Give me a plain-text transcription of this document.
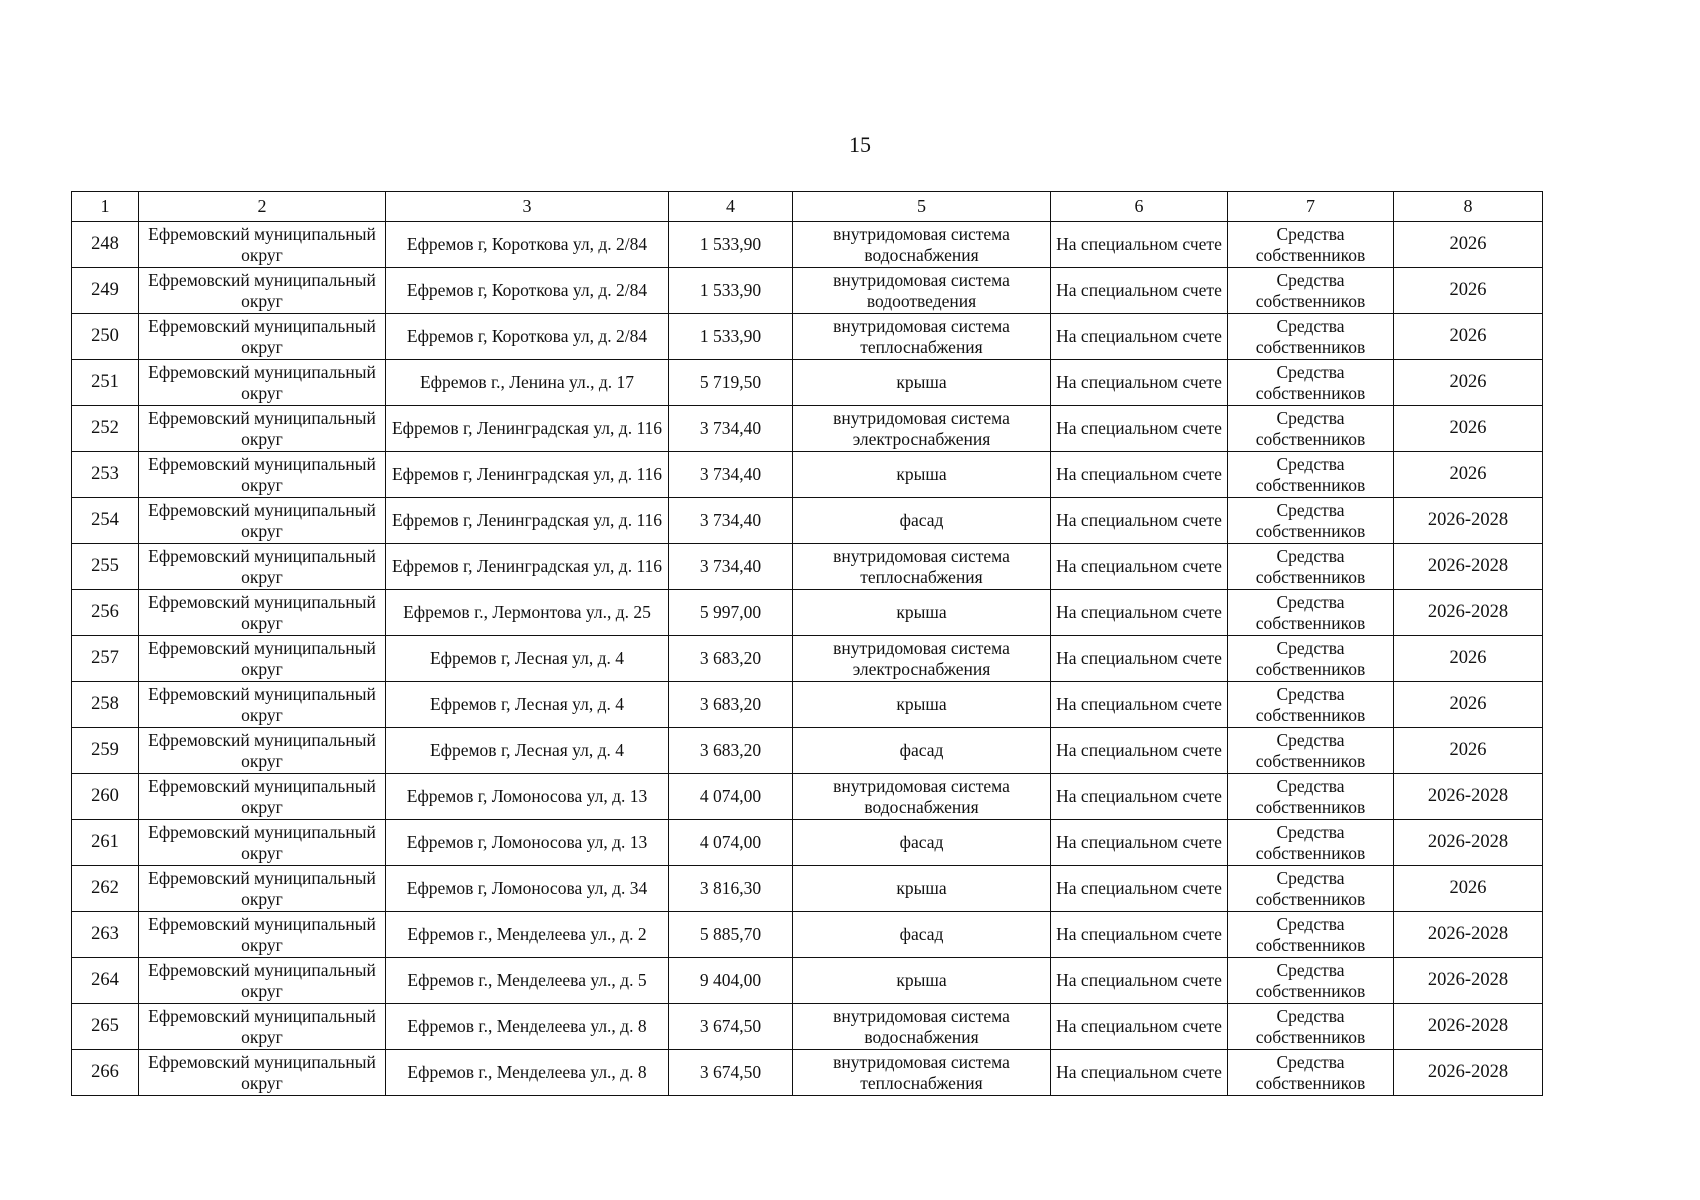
15
1	2	3	4	5	6	7	8
248	Ефремовский муниципальный округ	Ефремов г, Короткова ул, д. 2/84	1 533,90	внутридомовая система водоснабжения	На специальном счете	Средства собственников	2026
249	Ефремовский муниципальный округ	Ефремов г, Короткова ул, д. 2/84	1 533,90	внутридомовая система водоотведения	На специальном счете	Средства собственников	2026
250	Ефремовский муниципальный округ	Ефремов г, Короткова ул, д. 2/84	1 533,90	внутридомовая система теплоснабжения	На специальном счете	Средства собственников	2026
251	Ефремовский муниципальный округ	Ефремов г., Ленина ул., д. 17	5 719,50	крыша	На специальном счете	Средства собственников	2026
252	Ефремовский муниципальный округ	Ефремов г, Ленинградская ул, д. 116	3 734,40	внутридомовая система электроснабжения	На специальном счете	Средства собственников	2026
253	Ефремовский муниципальный округ	Ефремов г, Ленинградская ул, д. 116	3 734,40	крыша	На специальном счете	Средства собственников	2026
254	Ефремовский муниципальный округ	Ефремов г, Ленинградская ул, д. 116	3 734,40	фасад	На специальном счете	Средства собственников	2026-2028
255	Ефремовский муниципальный округ	Ефремов г, Ленинградская ул, д. 116	3 734,40	внутридомовая система теплоснабжения	На специальном счете	Средства собственников	2026-2028
256	Ефремовский муниципальный округ	Ефремов г., Лермонтова ул., д. 25	5 997,00	крыша	На специальном счете	Средства собственников	2026-2028
257	Ефремовский муниципальный округ	Ефремов г, Лесная ул, д. 4	3 683,20	внутридомовая система электроснабжения	На специальном счете	Средства собственников	2026
258	Ефремовский муниципальный округ	Ефремов г, Лесная ул, д. 4	3 683,20	крыша	На специальном счете	Средства собственников	2026
259	Ефремовский муниципальный округ	Ефремов г, Лесная ул, д. 4	3 683,20	фасад	На специальном счете	Средства собственников	2026
260	Ефремовский муниципальный округ	Ефремов г, Ломоносова ул, д. 13	4 074,00	внутридомовая система водоснабжения	На специальном счете	Средства собственников	2026-2028
261	Ефремовский муниципальный округ	Ефремов г, Ломоносова ул, д. 13	4 074,00	фасад	На специальном счете	Средства собственников	2026-2028
262	Ефремовский муниципальный округ	Ефремов г, Ломоносова ул, д. 34	3 816,30	крыша	На специальном счете	Средства собственников	2026
263	Ефремовский муниципальный округ	Ефремов г., Менделеева ул., д. 2	5 885,70	фасад	На специальном счете	Средства собственников	2026-2028
264	Ефремовский муниципальный округ	Ефремов г., Менделеева ул., д. 5	9 404,00	крыша	На специальном счете	Средства собственников	2026-2028
265	Ефремовский муниципальный округ	Ефремов г., Менделеева ул., д. 8	3 674,50	внутридомовая система водоснабжения	На специальном счете	Средства собственников	2026-2028
266	Ефремовский муниципальный округ	Ефремов г., Менделеева ул., д. 8	3 674,50	внутридомовая система теплоснабжения	На специальном счете	Средства собственников	2026-2028
